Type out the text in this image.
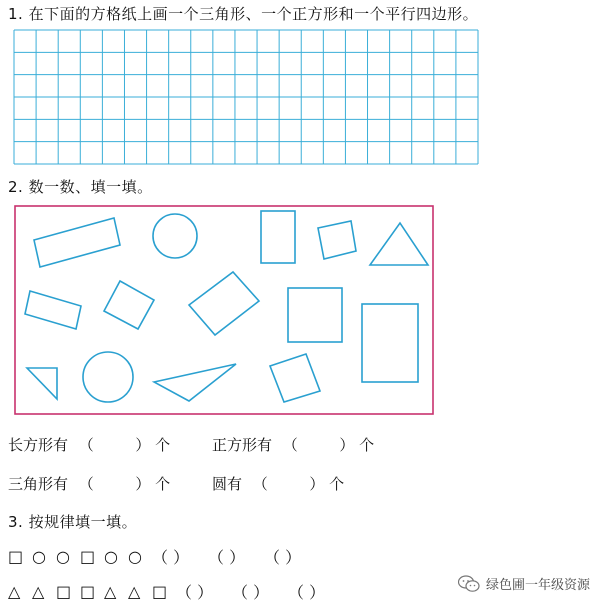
1. 在下面的方格纸上画一个三角形、一个正方形和一个平行四边形。
2. 数一数、填一填。
长方形有 （	） 个	正方形有 （	） 个
三角形有 （	） 个	圆有 （	） 个
3. 按规律填一填。
□ ○ ○ □ ○ ○ （ ）	（ ）	（ ）
△ △ □ □ △ △ □ （ ）	（ ）	（ ）	绿色圃一年级资源
